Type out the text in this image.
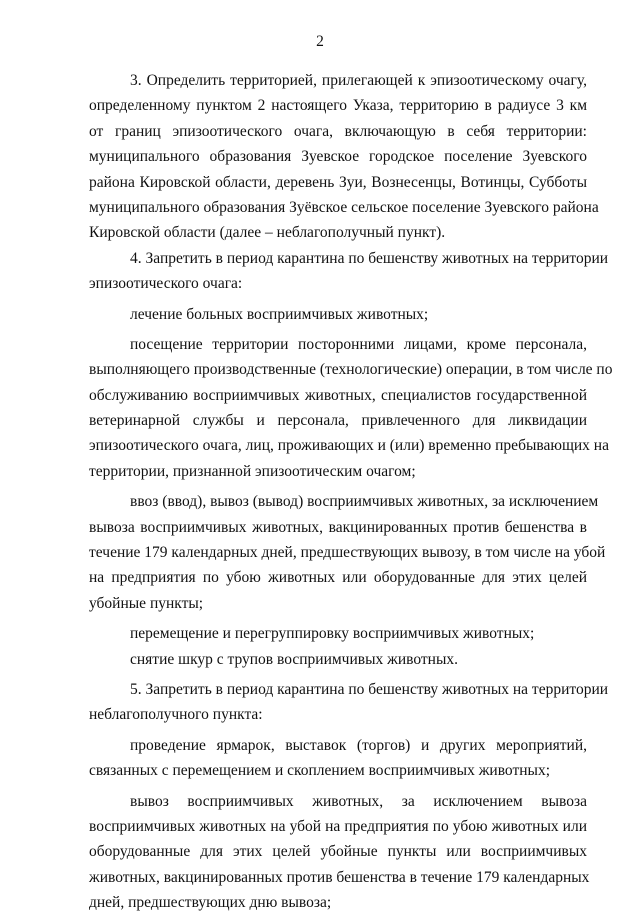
2
3. Определить территорией, прилегающей к эпизоотическому очагу,
определенному пунктом 2 настоящего Указа, территорию в радиусе 3 км
от границ эпизоотического очага, включающую в себя территории:
муниципального образования Зуевское городское поселение Зуевского
района Кировской области, деревень Зуи, Вознесенцы, Вотинцы, Субботы
муниципального образования Зуёвское сельское поселение Зуевского района
Кировской области (далее – неблагополучный пункт).
4. Запретить в период карантина по бешенству животных на территории
эпизоотического очага:
лечение больных восприимчивых животных;
посещение территории посторонними лицами, кроме персонала,
выполняющего производственные (технологические) операции, в том числе по
обслуживанию восприимчивых животных, специалистов государственной
ветеринарной службы и персонала, привлеченного для ликвидации
эпизоотического очага, лиц, проживающих и (или) временно пребывающих на
территории, признанной эпизоотическим очагом;
ввоз (ввод), вывоз (вывод) восприимчивых животных, за исключением
вывоза восприимчивых животных, вакцинированных против бешенства в
течение 179 календарных дней, предшествующих вывозу, в том числе на убой
на предприятия по убою животных или оборудованные для этих целей
убойные пункты;
перемещение и перегруппировку восприимчивых животных;
снятие шкур с трупов восприимчивых животных.
5. Запретить в период карантина по бешенству животных на территории
неблагополучного пункта:
проведение ярмарок, выставок (торгов) и других мероприятий,
связанных с перемещением и скоплением восприимчивых животных;
вывоз восприимчивых животных, за исключением вывоза
восприимчивых животных на убой на предприятия по убою животных или
оборудованные для этих целей убойные пункты или восприимчивых
животных, вакцинированных против бешенства в течение 179 календарных
дней, предшествующих дню вывоза;
